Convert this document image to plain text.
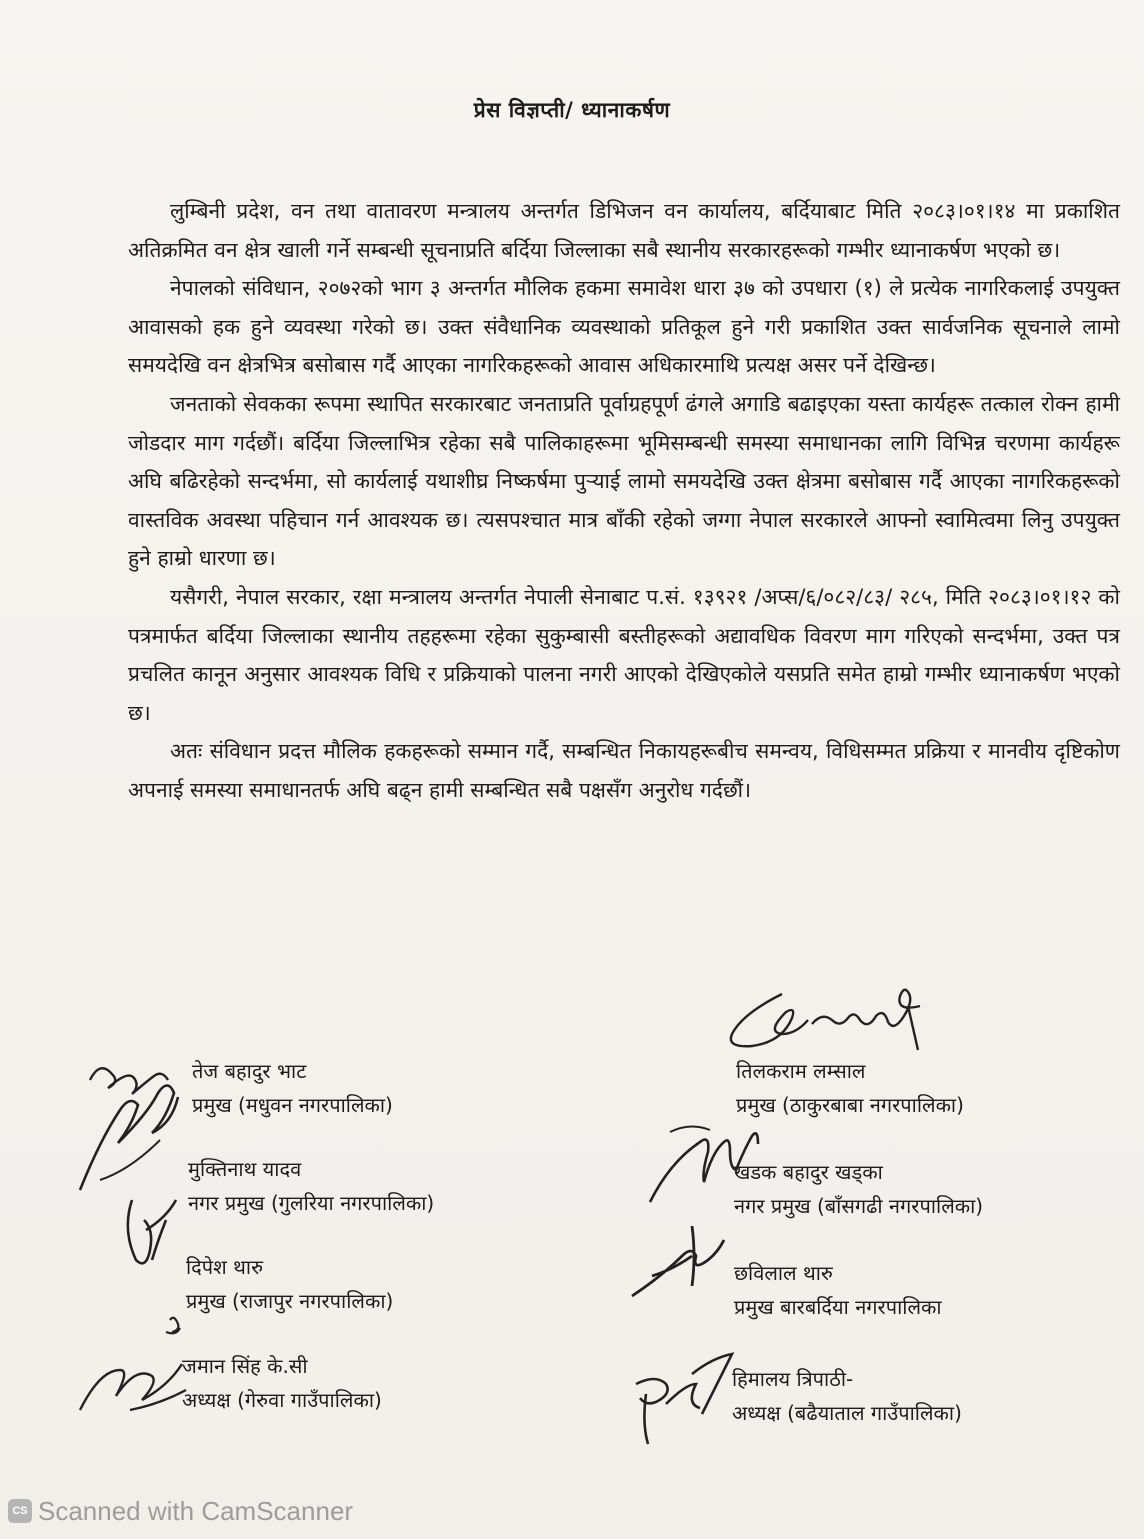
प्रेस विज्ञप्ती/ ध्यानाकर्षण

लुम्बिनी प्रदेश, वन तथा वातावरण मन्त्रालय अन्तर्गत डिभिजन वन कार्यालय, बर्दियाबाट मिति २०८३।०१।१४ मा प्रकाशित अतिक्रमित वन क्षेत्र खाली गर्ने सम्बन्धी सूचनाप्रति बर्दिया जिल्लाका सबै स्थानीय सरकारहरूको गम्भीर ध्यानाकर्षण भएको छ।

नेपालको संविधान, २०७२को भाग ३ अन्तर्गत मौलिक हकमा समावेश धारा ३७ को उपधारा (१) ले प्रत्येक नागरिकलाई उपयुक्त आवासको हक हुने व्यवस्था गरेको छ। उक्त संवैधानिक व्यवस्थाको प्रतिकूल हुने गरी प्रकाशित उक्त सार्वजनिक सूचनाले लामो समयदेखि वन क्षेत्रभित्र बसोबास गर्दै आएका नागरिकहरूको आवास अधिकारमाथि प्रत्यक्ष असर पर्ने देखिन्छ।

जनताको सेवकका रूपमा स्थापित सरकारबाट जनताप्रति पूर्वाग्रहपूर्ण ढंगले अगाडि बढाइएका यस्ता कार्यहरू तत्काल रोक्न हामी जोडदार माग गर्दछौं। बर्दिया जिल्लाभित्र रहेका सबै पालिकाहरूमा भूमिसम्बन्धी समस्या समाधानका लागि विभिन्न चरणमा कार्यहरू अघि बढिरहेको सन्दर्भमा, सो कार्यलाई यथाशीघ्र निष्कर्षमा पुऱ्याई लामो समयदेखि उक्त क्षेत्रमा बसोबास गर्दै आएका नागरिकहरूको वास्तविक अवस्था पहिचान गर्न आवश्यक छ। त्यसपश्चात मात्र बाँकी रहेको जग्गा नेपाल सरकारले आफ्नो स्वामित्वमा लिनु उपयुक्त हुने हाम्रो धारणा छ।

यसैगरी, नेपाल सरकार, रक्षा मन्त्रालय अन्तर्गत नेपाली सेनाबाट प.सं. १३९२१ /अप्स/६/०८२/८३/ २८५, मिति २०८३।०१।१२ को पत्रमार्फत बर्दिया जिल्लाका स्थानीय तहहरूमा रहेका सुकुम्बासी बस्तीहरूको अद्यावधिक विवरण माग गरिएको सन्दर्भमा, उक्त पत्र प्रचलित कानून अनुसार आवश्यक विधि र प्रक्रियाको पालना नगरी आएको देखिएकोले यसप्रति समेत हाम्रो गम्भीर ध्यानाकर्षण भएको छ।

अतः संविधान प्रदत्त मौलिक हकहरूको सम्मान गर्दै, सम्बन्धित निकायहरूबीच समन्वय, विधिसम्मत प्रक्रिया र मानवीय दृष्टिकोण अपनाई समस्या समाधानतर्फ अघि बढ्न हामी सम्बन्धित सबै पक्षसँग अनुरोध गर्दछौं।

तेज बहादुर भाट
प्रमुख (मधुवन नगरपालिका)
मुक्तिनाथ यादव
नगर प्रमुख (गुलरिया नगरपालिका)
दिपेश थारु
प्रमुख (राजापुर नगरपालिका)
जमान सिंह के.सी
अध्यक्ष (गेरुवा गाउँपालिका)
तिलकराम लम्साल
प्रमुख (ठाकुरबाबा नगरपालिका)
खडक बहादुर खड्का
नगर प्रमुख (बाँसगढी नगरपालिका)
छविलाल थारु
प्रमुख बारबर्दिया नगरपालिका
हिमालय त्रिपाठी-
अध्यक्ष (बढैयाताल गाउँपालिका)
CS Scanned with CamScanner
